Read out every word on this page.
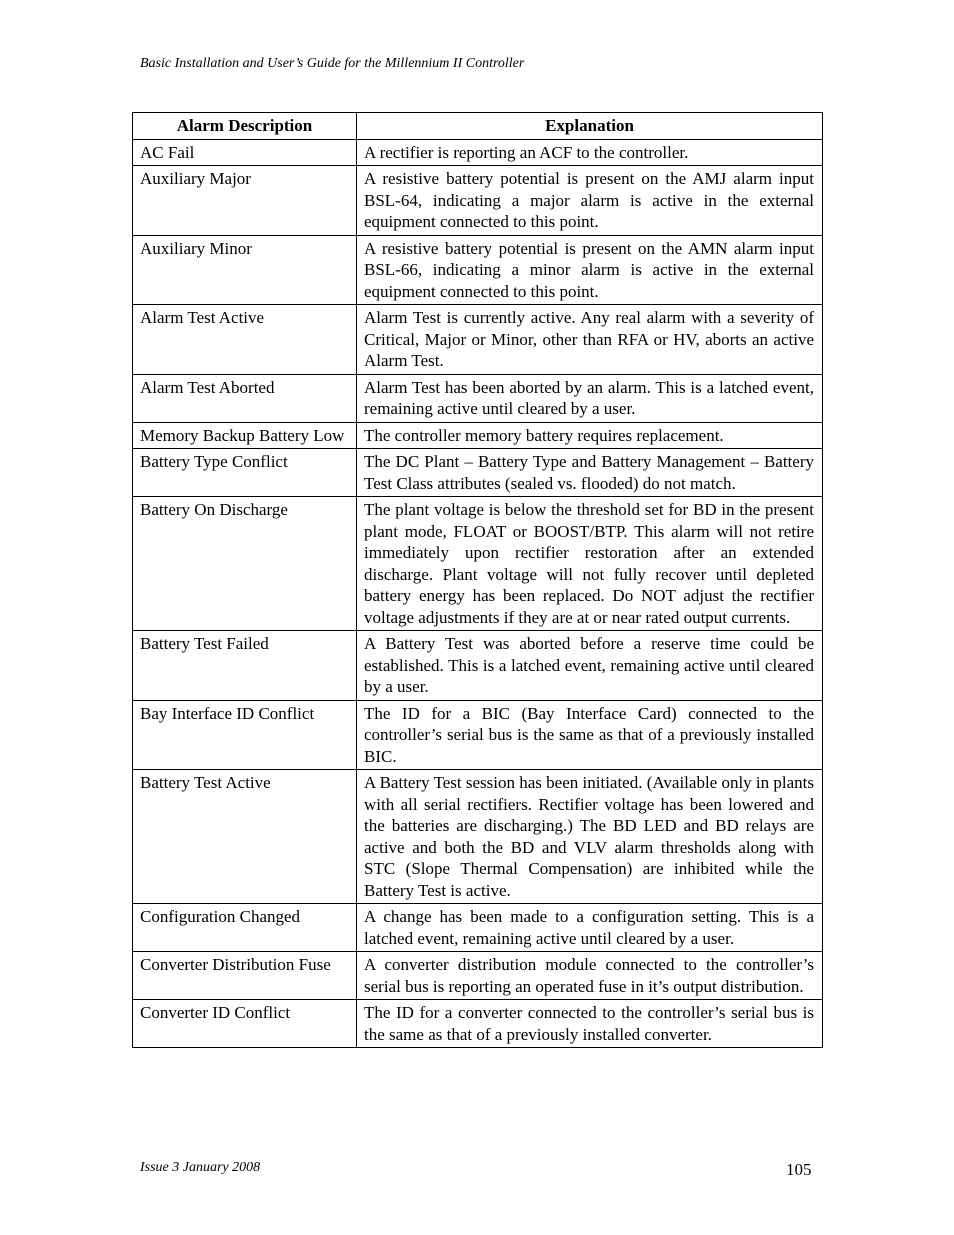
Basic Installation and User’s Guide for the Millennium II Controller
Alarm Description	Explanation
AC Fail	A rectifier is reporting an ACF to the controller.
Auxiliary Major	A resistive battery potential is present on the AMJ alarm input BSL-64, indicating a major alarm is active in the external equipment connected to this point.
Auxiliary Minor	A resistive battery potential is present on the AMN alarm input BSL-66, indicating a minor alarm is active in the external equipment connected to this point.
Alarm Test Active	Alarm Test is currently active. Any real alarm with a severity of Critical, Major or Minor, other than RFA or HV, aborts an active Alarm Test.
Alarm Test Aborted	Alarm Test has been aborted by an alarm. This is a latched event, remaining active until cleared by a user.
Memory Backup Battery Low	The controller memory battery requires replacement.
Battery Type Conflict	The DC Plant – Battery Type and Battery Management – Battery Test Class attributes (sealed vs. flooded) do not match.
Battery On Discharge	The plant voltage is below the threshold set for BD in the present plant mode, FLOAT or BOOST/BTP. This alarm will not retire immediately upon rectifier restoration after an extended discharge. Plant voltage will not fully recover until depleted battery energy has been replaced. Do NOT adjust the rectifier voltage adjustments if they are at or near rated output currents.
Battery Test Failed	A Battery Test was aborted before a reserve time could be established. This is a latched event, remaining active until cleared by a user.
Bay Interface ID Conflict	The ID for a BIC (Bay Interface Card) connected to the controller’s serial bus is the same as that of a previously installed BIC.
Battery Test Active	A Battery Test session has been initiated. (Available only in plants with all serial rectifiers. Rectifier voltage has been lowered and the batteries are discharging.) The BD LED and BD relays are active and both the BD and VLV alarm thresholds along with STC (Slope Thermal Compensation) are inhibited while the Battery Test is active.
Configuration Changed	A change has been made to a configuration setting. This is a latched event, remaining active until cleared by a user.
Converter Distribution Fuse	A converter distribution module connected to the controller’s serial bus is reporting an operated fuse in it’s output distribution.
Converter ID Conflict	The ID for a converter connected to the controller’s serial bus is the same as that of a previously installed converter.
Issue 3 January 2008	105
